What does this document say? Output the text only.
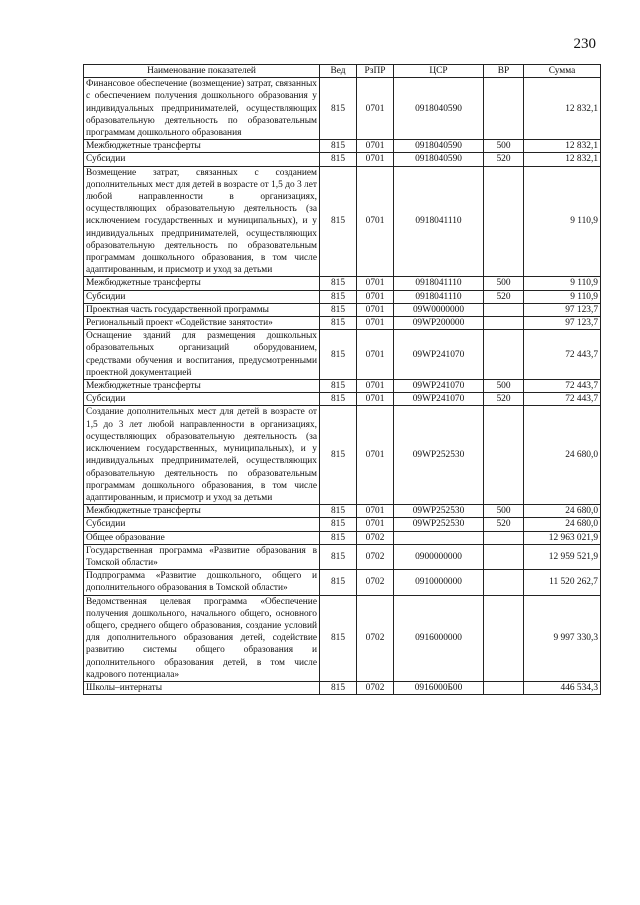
230
Наименование показателей	Вед	РзПР	ЦСР	ВР	Сумма
Финансовое обеспечение (возмещение) затрат, связанных с обеспечением получения дошкольного образования у индивидуальных предпринимателей, осуществляющих образовательную деятельность по образовательным программам дошкольного образования	815	0701	0918040590		12 832,1
Межбюджетные трансферты	815	0701	0918040590	500	12 832,1
Субсидии	815	0701	0918040590	520	12 832,1
Возмещение затрат, связанных с созданием дополнительных мест для детей в возрасте от 1,5 до 3 лет любой направленности в организациях, осуществляющих образовательную деятельность (за исключением государственных и муниципальных), и у индивидуальных предпринимателей, осуществляющих образовательную деятельность по образовательным программам дошкольного образования, в том числе адаптированным, и присмотр и уход за детьми	815	0701	0918041110		9 110,9
Межбюджетные трансферты	815	0701	0918041110	500	9 110,9
Субсидии	815	0701	0918041110	520	9 110,9
Проектная часть государственной программы	815	0701	09W0000000		97 123,7
Региональный проект «Содействие занятости»	815	0701	09WP200000		97 123,7
Оснащение зданий для размещения дошкольных образовательных организаций оборудованием, средствами обучения и воспитания, предусмотренными проектной документацией	815	0701	09WP241070		72 443,7
Межбюджетные трансферты	815	0701	09WP241070	500	72 443,7
Субсидии	815	0701	09WP241070	520	72 443,7
Создание дополнительных мест для детей в возрасте от 1,5 до 3 лет любой направленности в организациях, осуществляющих образовательную деятельность (за исключением государственных, муниципальных), и у индивидуальных предпринимателей, осуществляющих образовательную деятельность по образовательным программам дошкольного образования, в том числе адаптированным, и присмотр и уход за детьми	815	0701	09WP252530		24 680,0
Межбюджетные трансферты	815	0701	09WP252530	500	24 680,0
Субсидии	815	0701	09WP252530	520	24 680,0
Общее образование	815	0702			12 963 021,9
Государственная программа «Развитие образования в Томской области»	815	0702	0900000000		12 959 521,9
Подпрограмма «Развитие дошкольного, общего и дополнительного образования в Томской области»	815	0702	0910000000		11 520 262,7
Ведомственная целевая программа «Обеспечение получения дошкольного, начального общего, основного общего, среднего общего образования, создание условий для дополнительного образования детей, содействие развитию системы общего образования и дополнительного образования детей, в том числе кадрового потенциала»	815	0702	0916000000		9 997 330,3
Школы–интернаты	815	0702	0916000Б00		446 534,3
